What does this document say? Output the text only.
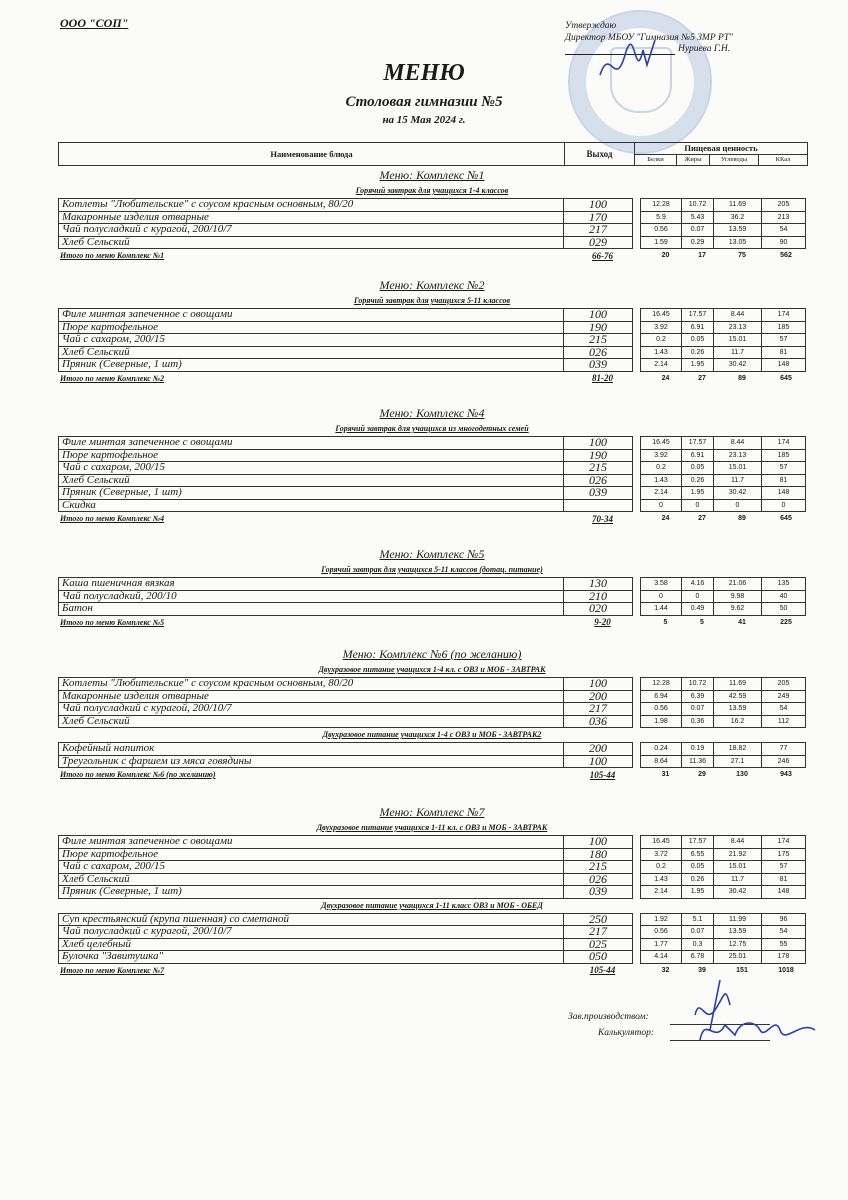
ООО "СОП"	Утверждаю
Директор МБОУ "Гимназия №5 ЗМР РТ"
Нуриева Г.Н.
МЕНЮ
Столовая гимназии №5
на 15 Мая 2024 г.
Наименование блюда	Выход
Пищевая ценность
Белки	Жиры	Углеводы	ККал
Меню: Комплекс №1
Горячий завтрак для учащихся 1-4 классов
Котлеты "Любительские" с соусом красным основным, 80/20	100		12.28	10.72	11.69	205
Макаронные изделия отварные	170		5.9	5.43	36.2	213
Чай полусладкий с курагой, 200/10/7	217		0.56	0.07	13.59	54
Хлеб Сельский	029		1.59	0.29	13.05	90
Итого по меню Комплекс №1	66-76	20	17	75	562
Меню: Комплекс №2
Горячий завтрак для учащихся 5-11 классов
Филе минтая запеченное с овощами	100		16.45	17.57	8.44	174
Пюре картофельное	190		3.92	6.91	23.13	185
Чай с сахаром, 200/15	215		0.2	0.05	15.01	57
Хлеб Сельский	026		1.43	0.26	11.7	81
Пряник (Северные, 1 шт)	039		2.14	1.95	30.42	148
Итого по меню Комплекс №2	81-20	24	27	89	645
Меню: Комплекс №4
Горячий завтрак для учащихся из многодетных семей
Филе минтая запеченное с овощами	100		16.45	17.57	8.44	174
Пюре картофельное	190		3.92	6.91	23.13	185
Чай с сахаром, 200/15	215		0.2	0.05	15.01	57
Хлеб Сельский	026		1.43	0.26	11.7	81
Пряник (Северные, 1 шт)	039		2.14	1.95	30.42	148
Скидка			0	0	0	0
Итого по меню Комплекс №4	70-34	24	27	89	645
Меню: Комплекс №5
Горячий завтрак для учащихся 5-11 классов (дотац. питание)
Каша пшеничная вязкая	130		3.58	4.16	21.06	135
Чай полусладкий, 200/10	210		0	0	9.98	40
Батон	020		1.44	0.49	9.62	50
Итого по меню Комплекс №5	9-20	5	5	41	225
Меню: Комплекс №6 (по желанию)
Двухразовое питание учащихся 1-4 кл. с ОВЗ и МОБ - ЗАВТРАК
Котлеты "Любительские" с соусом красным основным, 80/20	100		12.28	10.72	11.69	205
Макаронные изделия отварные	200		6.94	6.39	42.59	249
Чай полусладкий с курагой, 200/10/7	217		0.56	0.07	13.59	54
Хлеб Сельский	036		1.98	0.36	16.2	112
Двухразовое питание учащихся 1-4 с ОВЗ и МОБ - ЗАВТРАК2
Кофейный напиток	200		0.24	0.19	18.82	77
Треугольник с фаршем из мяса говядины	100		8.64	11.36	27.1	246
Итого по меню Комплекс №6 (по желанию)	105-44	31	29	130	943
Меню: Комплекс №7
Двухразовое питание учащихся 1-11 кл. с ОВЗ и МОБ - ЗАВТРАК
Филе минтая запеченное с овощами	100		16.45	17.57	8.44	174
Пюре картофельное	180		3.72	6.55	21.92	175
Чай с сахаром, 200/15	215		0.2	0.05	15.01	57
Хлеб Сельский	026		1.43	0.26	11.7	81
Пряник (Северные, 1 шт)	039		2.14	1.95	30.42	148
Двухразовое питание учащихся 1-11 класс ОВЗ и МОБ - ОБЕД
Суп крестьянский (крупа пшенная) со сметаной	250		1.92	5.1	11.99	96
Чай полусладкий с курагой, 200/10/7	217		0.56	0.07	13.59	54
Хлеб целебный	025		1.77	0.3	12.75	55
Булочка "Завитушка"	050		4.14	6.78	25.01	178
Итого по меню Комплекс №7	105-44	32	39	151	1018
Зав.производством:
Калькулятор:
